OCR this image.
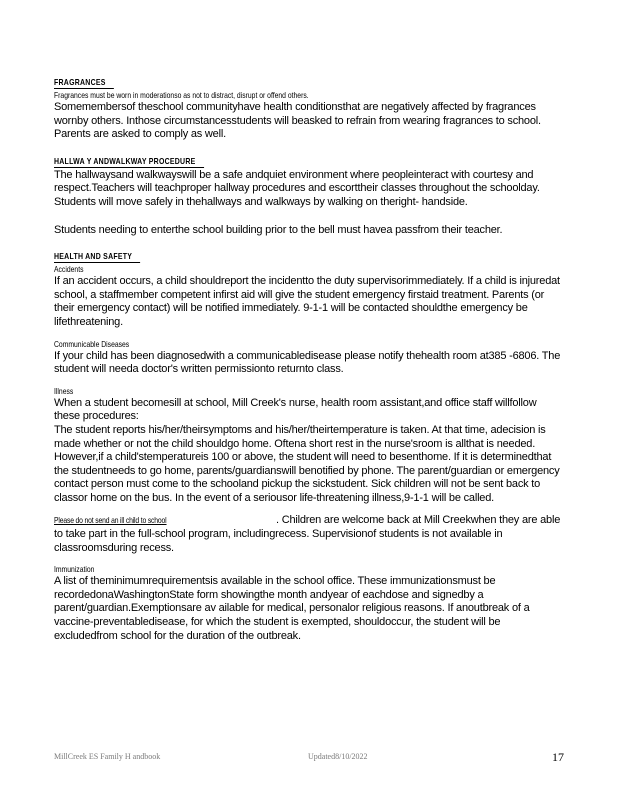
FRAGRANCES
Fragrances must be worn in moderationso as not to distract, disrupt or offend others.

Somemembersof theschool communityhave health conditionsthat are negatively affected by fragrances wornby others. Inthose circumstancesstudents will beasked to refrain from wearing fragrances to school. Parents are asked to comply as well.

HALLWA Y ANDWALKWAY PROCEDURE

The hallwaysand walkwayswill be a safe andquiet environment where peopleinteract with courtesy and respect.Teachers will teachproper hallway procedures and escorttheir classes throughout the schoolday. Students will move safely in thehallways and walkways by walking on theright- handside.

Students needing to enterthe school building prior to the bell must havea passfrom their teacher.

HEALTH AND SAFETY
Accidents

If an accident occurs, a child shouldreport the incidentto the duty supervisorimmediately. If a child is injuredat school, a staffmember competent infirst aid will give the student emergency firstaid treatment. Parents (or their emergency contact) will be notified immediately. 9-1-1 will be contacted shouldthe emergency be lifethreatening.

Communicable Diseases

If your child has been diagnosedwith a communicabledisease please notify thehealth room at385 -6806. The student will needa doctor's written permissionto returnto class.

Illness

When a student becomesill at school, Mill Creek's nurse, health room assistant,and office staff willfollow these procedures:

The student reports his/her/theirsymptoms and his/her/theirtemperature is taken. At that time, adecision is made whether or not the child shouldgo home. Oftena short rest in the nurse'sroom is allthat is needed. However,if a child'stemperatureis 100 or above, the student will need to besenthome. If it is determinedthat the studentneeds to go home, parents/guardianswill benotified by phone. The parent/guardian or emergency contact person must come to the schooland pickup the sickstudent. Sick children will not be sent back to classor home on the bus. In the event of a seriousor life-threatening illness,9-1-1 will be called.

Please do not send an ill child to school	. Children are welcome back at Mill Creekwhen they are able to take part in the full-school program, includingrecess. Supervisionof students is not available in classroomsduring recess.

Immunization

A list of theminimumrequirementsis available in the school office. These immunizationsmust be recordedonaWashingtonState form showingthe month andyear of eachdose and signedby a parent/guardian.Exemptionsare av ailable for medical, personalor religious reasons. If anoutbreak of a vaccine-preventabledisease, for which the student is exempted, shouldoccur, the student will be excludedfrom school for the duration of the outbreak.

MillCreek ES Family H andbook	Updated8/10/2022	17
